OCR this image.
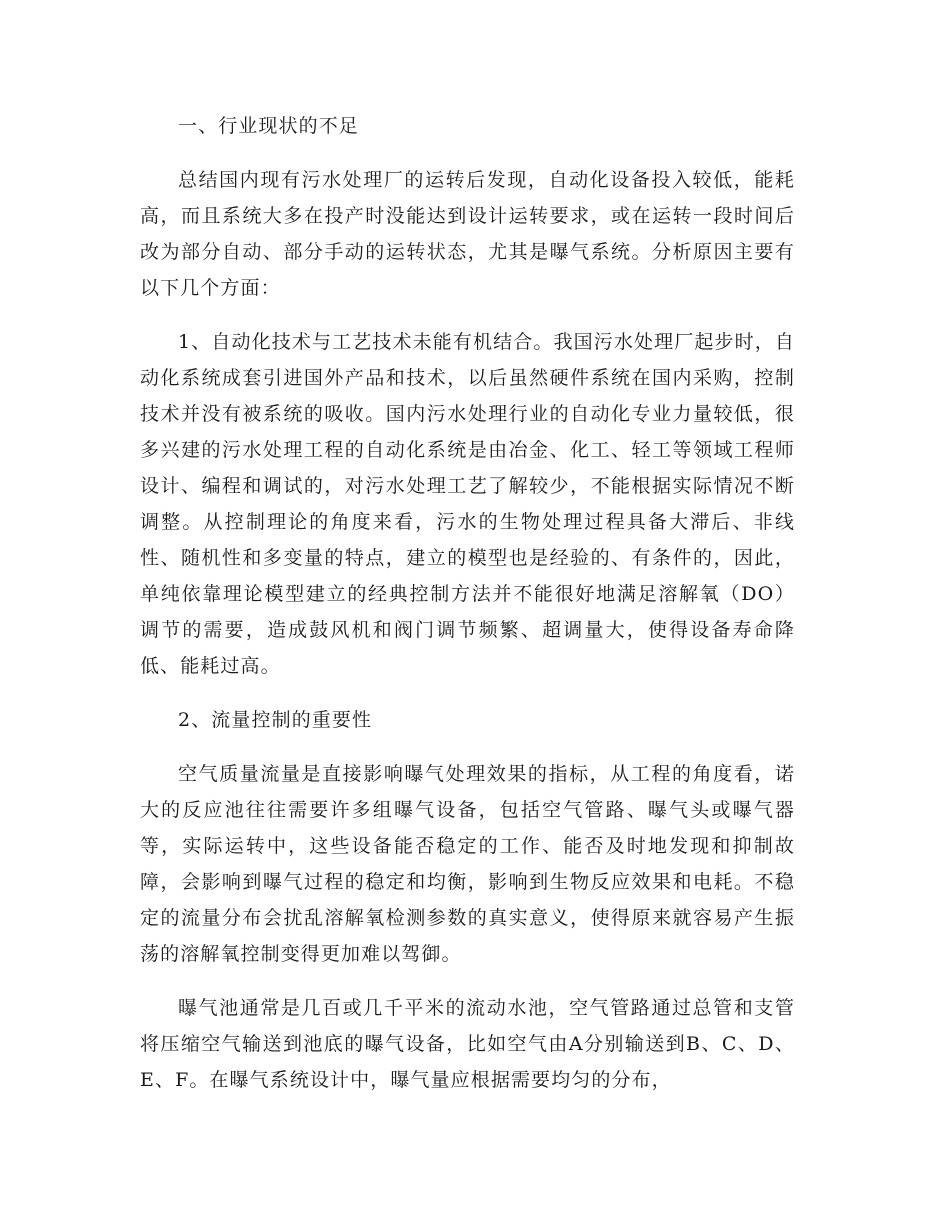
一、行业现状的不足

总结国内现有污水处理厂的运转后发现，自动化设备投入较低，能耗高，而且系统大多在投产时没能达到设计运转要求，或在运转一段时间后改为部分自动、部分手动的运转状态，尤其是曝气系统。分析原因主要有以下几个方面：

1、自动化技术与工艺技术未能有机结合。我国污水处理厂起步时，自动化系统成套引进国外产品和技术，以后虽然硬件系统在国内采购，控制技术并没有被系统的吸收。国内污水处理行业的自动化专业力量较低，很多兴建的污水处理工程的自动化系统是由冶金、化工、轻工等领域工程师设计、编程和调试的，对污水处理工艺了解较少，不能根据实际情况不断调整。从控制理论的角度来看，污水的生物处理过程具备大滞后、非线性、随机性和多变量的特点，建立的模型也是经验的、有条件的，因此，单纯依靠理论模型建立的经典控制方法并不能很好地满足溶解氧（DO）调节的需要，造成鼓风机和阀门调节频繁、超调量大，使得设备寿命降低、能耗过高。

2、流量控制的重要性

空气质量流量是直接影响曝气处理效果的指标，从工程的角度看，诺大的反应池往往需要许多组曝气设备，包括空气管路、曝气头或曝气器等，实际运转中，这些设备能否稳定的工作、能否及时地发现和抑制故障，会影响到曝气过程的稳定和均衡，影响到生物反应效果和电耗。不稳定的流量分布会扰乱溶解氧检测参数的真实意义，使得原来就容易产生振荡的溶解氧控制变得更加难以驾御。

曝气池通常是几百或几千平米的流动水池，空气管路通过总管和支管将压缩空气输送到池底的曝气设备，比如空气由A分别输送到B、C、D、E、F。在曝气系统设计中，曝气量应根据需要均匀的分布，
